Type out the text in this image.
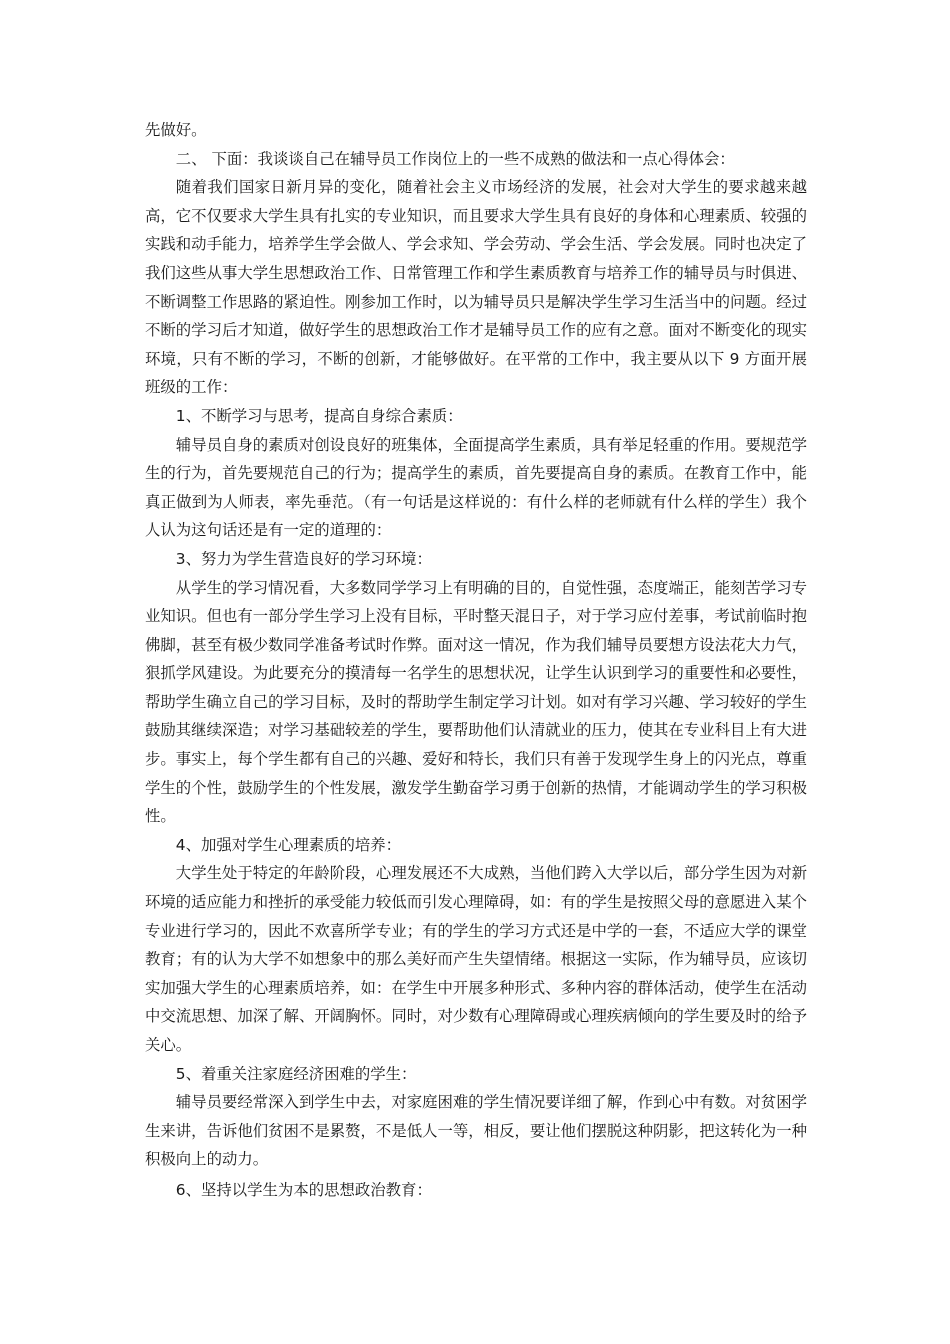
先做好。

二、 下面：我谈谈自己在辅导员工作岗位上的一些不成熟的做法和一点心得体会：

随着我们国家日新月异的变化，随着社会主义市场经济的发展，社会对大学生的要求越来越高，它不仅要求大学生具有扎实的专业知识，而且要求大学生具有良好的身体和心理素质、较强的实践和动手能力，培养学生学会做人、学会求知、学会劳动、学会生活、学会发展。同时也决定了我们这些从事大学生思想政治工作、日常管理工作和学生素质教育与培养工作的辅导员与时俱进、不断调整工作思路的紧迫性。刚参加工作时，以为辅导员只是解决学生学习生活当中的问题。经过不断的学习后才知道，做好学生的思想政治工作才是辅导员工作的应有之意。面对不断变化的现实环境，只有不断的学习，不断的创新，才能够做好。在平常的工作中，我主要从以下 9 方面开展班级的工作：

1、不断学习与思考，提高自身综合素质：

辅导员自身的素质对创设良好的班集体，全面提高学生素质，具有举足轻重的作用。要规范学生的行为，首先要规范自己的行为；提高学生的素质，首先要提高自身的素质。在教育工作中，能真正做到为人师表，率先垂范。（有一句话是这样说的：有什么样的老师就有什么样的学生）我个人认为这句话还是有一定的道理的：

3、努力为学生营造良好的学习环境：

从学生的学习情况看，大多数同学学习上有明确的目的，自觉性强，态度端正，能刻苦学习专业知识。但也有一部分学生学习上没有目标，平时整天混日子，对于学习应付差事，考试前临时抱佛脚，甚至有极少数同学准备考试时作弊。面对这一情况，作为我们辅导员要想方设法花大力气，狠抓学风建设。为此要充分的摸清每一名学生的思想状况，让学生认识到学习的重要性和必要性，帮助学生确立自己的学习目标，及时的帮助学生制定学习计划。如对有学习兴趣、学习较好的学生鼓励其继续深造；对学习基础较差的学生，要帮助他们认清就业的压力，使其在专业科目上有大进步。事实上，每个学生都有自己的兴趣、爱好和特长，我们只有善于发现学生身上的闪光点，尊重学生的个性，鼓励学生的个性发展，激发学生勤奋学习勇于创新的热情，才能调动学生的学习积极性。

4、加强对学生心理素质的培养：

大学生处于特定的年龄阶段，心理发展还不大成熟，当他们跨入大学以后，部分学生因为对新环境的适应能力和挫折的承受能力较低而引发心理障碍，如：有的学生是按照父母的意愿进入某个专业进行学习的，因此不欢喜所学专业；有的学生的学习方式还是中学的一套，不适应大学的课堂教育；有的认为大学不如想象中的那么美好而产生失望情绪。根据这一实际，作为辅导员，应该切实加强大学生的心理素质培养，如：在学生中开展多种形式、多种内容的群体活动，使学生在活动中交流思想、加深了解、开阔胸怀。同时，对少数有心理障碍或心理疾病倾向的学生要及时的给予关心。

5、着重关注家庭经济困难的学生：

辅导员要经常深入到学生中去，对家庭困难的学生情况要详细了解，作到心中有数。对贫困学生来讲，告诉他们贫困不是累赘，不是低人一等，相反，要让他们摆脱这种阴影，把这转化为一种积极向上的动力。

6、坚持以学生为本的思想政治教育：
